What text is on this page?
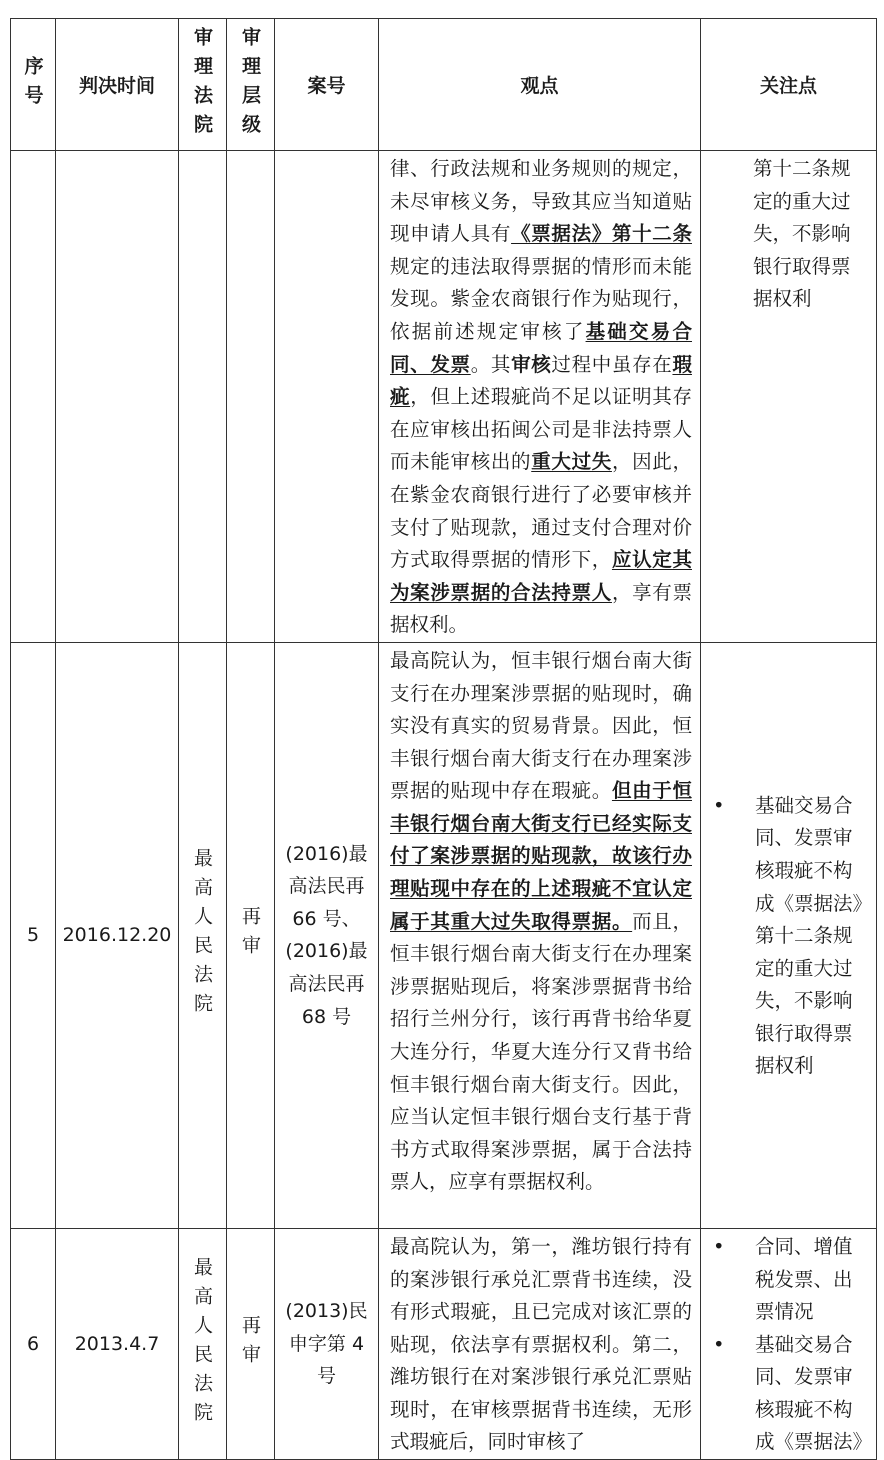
序号	判决时间	审理法院	审理层级	案号	观点	关注点
					律、行政法规和业务规则的规定，未尽审核义务，导致其应当知道贴现申请人具有《票据法》第十二条规定的违法取得票据的情形而未能发现。紫金农商银行作为贴现行，依据前述规定审核了基础交易合同、发票。其审核过程中虽存在瑕疵，但上述瑕疵尚不足以证明其存在应审核出拓闽公司是非法持票人而未能审核出的重大过失，因此，在紫金农商银行进行了必要审核并支付了贴现款，通过支付合理对价方式取得票据的情形下，应认定其为案涉票据的合法持票人，享有票据权利。	第十二条规定的重大过失，不影响银行取得票据权利

5	2016.12.20	最高人民法院	再审	(2016)最高法民再 66 号、(2016)最高法民再 68 号	最高院认为，恒丰银行烟台南大街支行在办理案涉票据的贴现时，确实没有真实的贸易背景。因此，恒丰银行烟台南大街支行在办理案涉票据的贴现中存在瑕疵。但由于恒丰银行烟台南大街支行已经实际支付了案涉票据的贴现款，故该行办理贴现中存在的上述瑕疵不宜认定属于其重大过失取得票据。而且，恒丰银行烟台南大街支行在办理案涉票据贴现后，将案涉票据背书给招行兰州分行，该行再背书给华夏大连分行，华夏大连分行又背书给恒丰银行烟台南大街支行。因此，应当认定恒丰银行烟台支行基于背书方式取得案涉票据，属于合法持票人，应享有票据权利。	• 基础交易合同、发票审核瑕疵不构成《票据法》第十二条规定的重大过失，不影响银行取得票据权利

6	2013.4.7	最高人民法院	再审	(2013)民申字第 4 号	最高院认为，第一，潍坊银行持有的案涉银行承兑汇票背书连续，没有形式瑕疵，且已完成对该汇票的贴现，依法享有票据权利。第二，潍坊银行在对案涉银行承兑汇票贴现时，在审核票据背书连续，无形式瑕疵后，同时审核了	• 合同、增值税发票、出票情况
• 基础交易合同、发票审核瑕疵不构成《票据法》
